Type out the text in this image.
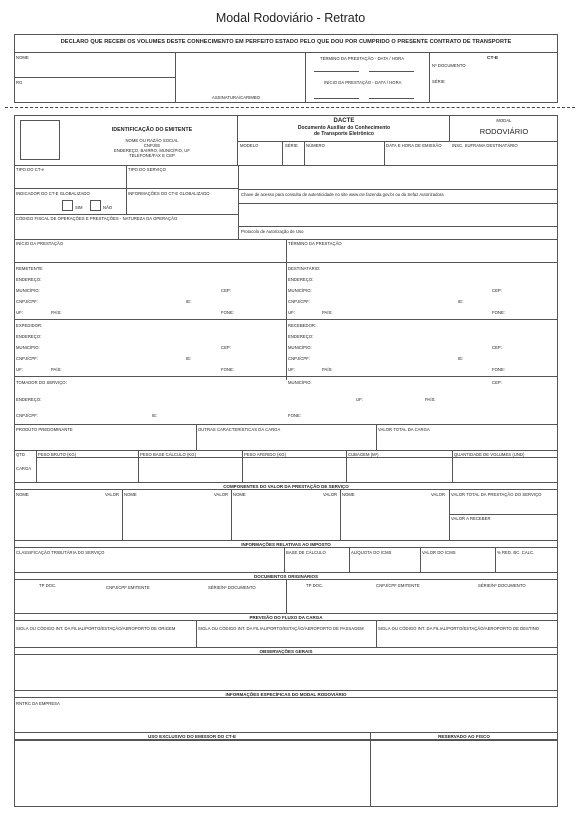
Modal Rodoviário - Retrato
DECLARO QUE RECEBI OS VOLUMES DESTE CONHECIMENTO EM PERFEITO ESTADO PELO QUE DOU POR CUMPRIDO O PRESENTE CONTRATO DE TRANSPORTE
NOME
RG
ASSINATURA/CARIMBO
TÉRMINO DA PRESTAÇÃO - DATA / HORA
INÍCIO DA PRESTAÇÃO - DATA / HORA
CT-E
Nº DOCUMENTO
SÉRIE
IDENTIFICAÇÃO DO EMITENTE
NOME OU RAZÃO SOCIAL
CNPJ/IE
ENDEREÇO, BAIRRO, MUNICÍPIO, UF
TELEFONE/FAX E CEP
DACTE
Documento Auxiliar do Conhecimento
de Transporte Eletrônico
MODAL
RODOVIÁRIO
MODELO	SÉRIE NÚMERO	DATA E HORA DE EMISSÃO INSC. SUFRAMA DESTINATÁRIO
TIPO DO CT-e	TIPO DO SERVIÇO
INDICADOR DO CT-E GLOBALIZADO	INFORMAÇÕES DO CT-E GLOBALIZADO
SIM	NÃO
Chave de acesso para consulta de autenticidade no site www.cte.fazenda.gov.br ou da Sefaz Autorizadora
CÓDIGO FISCAL DE OPERAÇÕES E PRESTAÇÕES - NATUREZA DA OPERAÇÃO
Protocolo de Autorização de Uso
INÍCIO DA PRESTAÇÃO	TÉRMINO DA PRESTAÇÃO
REMETENTE:
ENDEREÇO:
MUNICÍPIO:	CEP:
CNPJ/CPF:	IE:
UF:	PAÍS:	FONE:
DESTINATÁRIO:
ENDEREÇO:
MUNICÍPIO:	CEP:
CNPJ/CPF:	IE:
UF:	PAÍS:	FONE:
EXPEDIDOR:
ENDEREÇO:
MUNICÍPIO:	CEP:
CNPJ/CPF:	IE:
UF:	PAÍS:	FONE:
RECEBEDOR:
ENDEREÇO:
MUNICÍPIO:	CEP:
CNPJ/CPF:	IE:
UF:	PAÍS:	FONE:
TOMADOR DO SERVIÇO:	MUNICÍPIO:	CEP:
ENDEREÇO:	UF:	PAÍS:
CNPJ/CPF:	IE:	FONE:
PRODUTO PREDOMINANTE	OUTRAS CARACTERÍSTICAS DA CARGA	VALOR TOTAL DA CARGA
QTD
CARGA
PESO BRUTO (KG)	PESO BASE CÁLCULO (KG)	PESO AFERIDO (KG)	CUBAGEM (M³)	QUANTIDADE DE VOLUMES (UND)
COMPONENTES DO VALOR DA PRESTAÇÃO DE SERVIÇO
NOME	VALOR NOME	VALOR NOME	VALOR NOME	VALOR VALOR TOTAL DA PRESTAÇÃO DO SERVIÇO
VALOR A RECEBER
INFORMAÇÕES RELATIVAS AO IMPOSTO
CLASSIFICAÇÃO TRIBUTÁRIA DO SERVIÇO	BASE DE CÁLCULO	ALÍQUOTA DO ICMS	VALOR DO ICMS	% RED. BC. CALC.
DOCUMENTOS ORIGINÁRIOS
TP DOC.	CNPJ/CPF EMITENTE	SÉRIE/Nº DOCUMENTO	TP DOC.	CNPJ/CPF EMITENTE	SÉRIE/Nº DOCUMENTO
PREVISÃO DO FLUXO DA CARGA
SIGLA OU CÓDIGO INT. DA FILIAL/PORTO/ESTAÇÃO/AEROPORTO DE ORIGEM	SIGLA OU CÓDIGO INT. DA FILIAL/PORTO/ESTAÇÃO/AEROPORTO DE PASSAGEM	SIGLA OU CÓDIGO INT. DA FILIAL/PORTO/ESTAÇÃO/AEROPORTO DE DESTINO
OBSERVAÇÕES GERAIS
INFORMAÇÕES ESPECÍFICAS DO MODAL RODOVIÁRIO
RNTRC DA EMPRESA
USO EXCLUSIVO DO EMISSOR DO CT-E	RESERVADO AO FISCO
